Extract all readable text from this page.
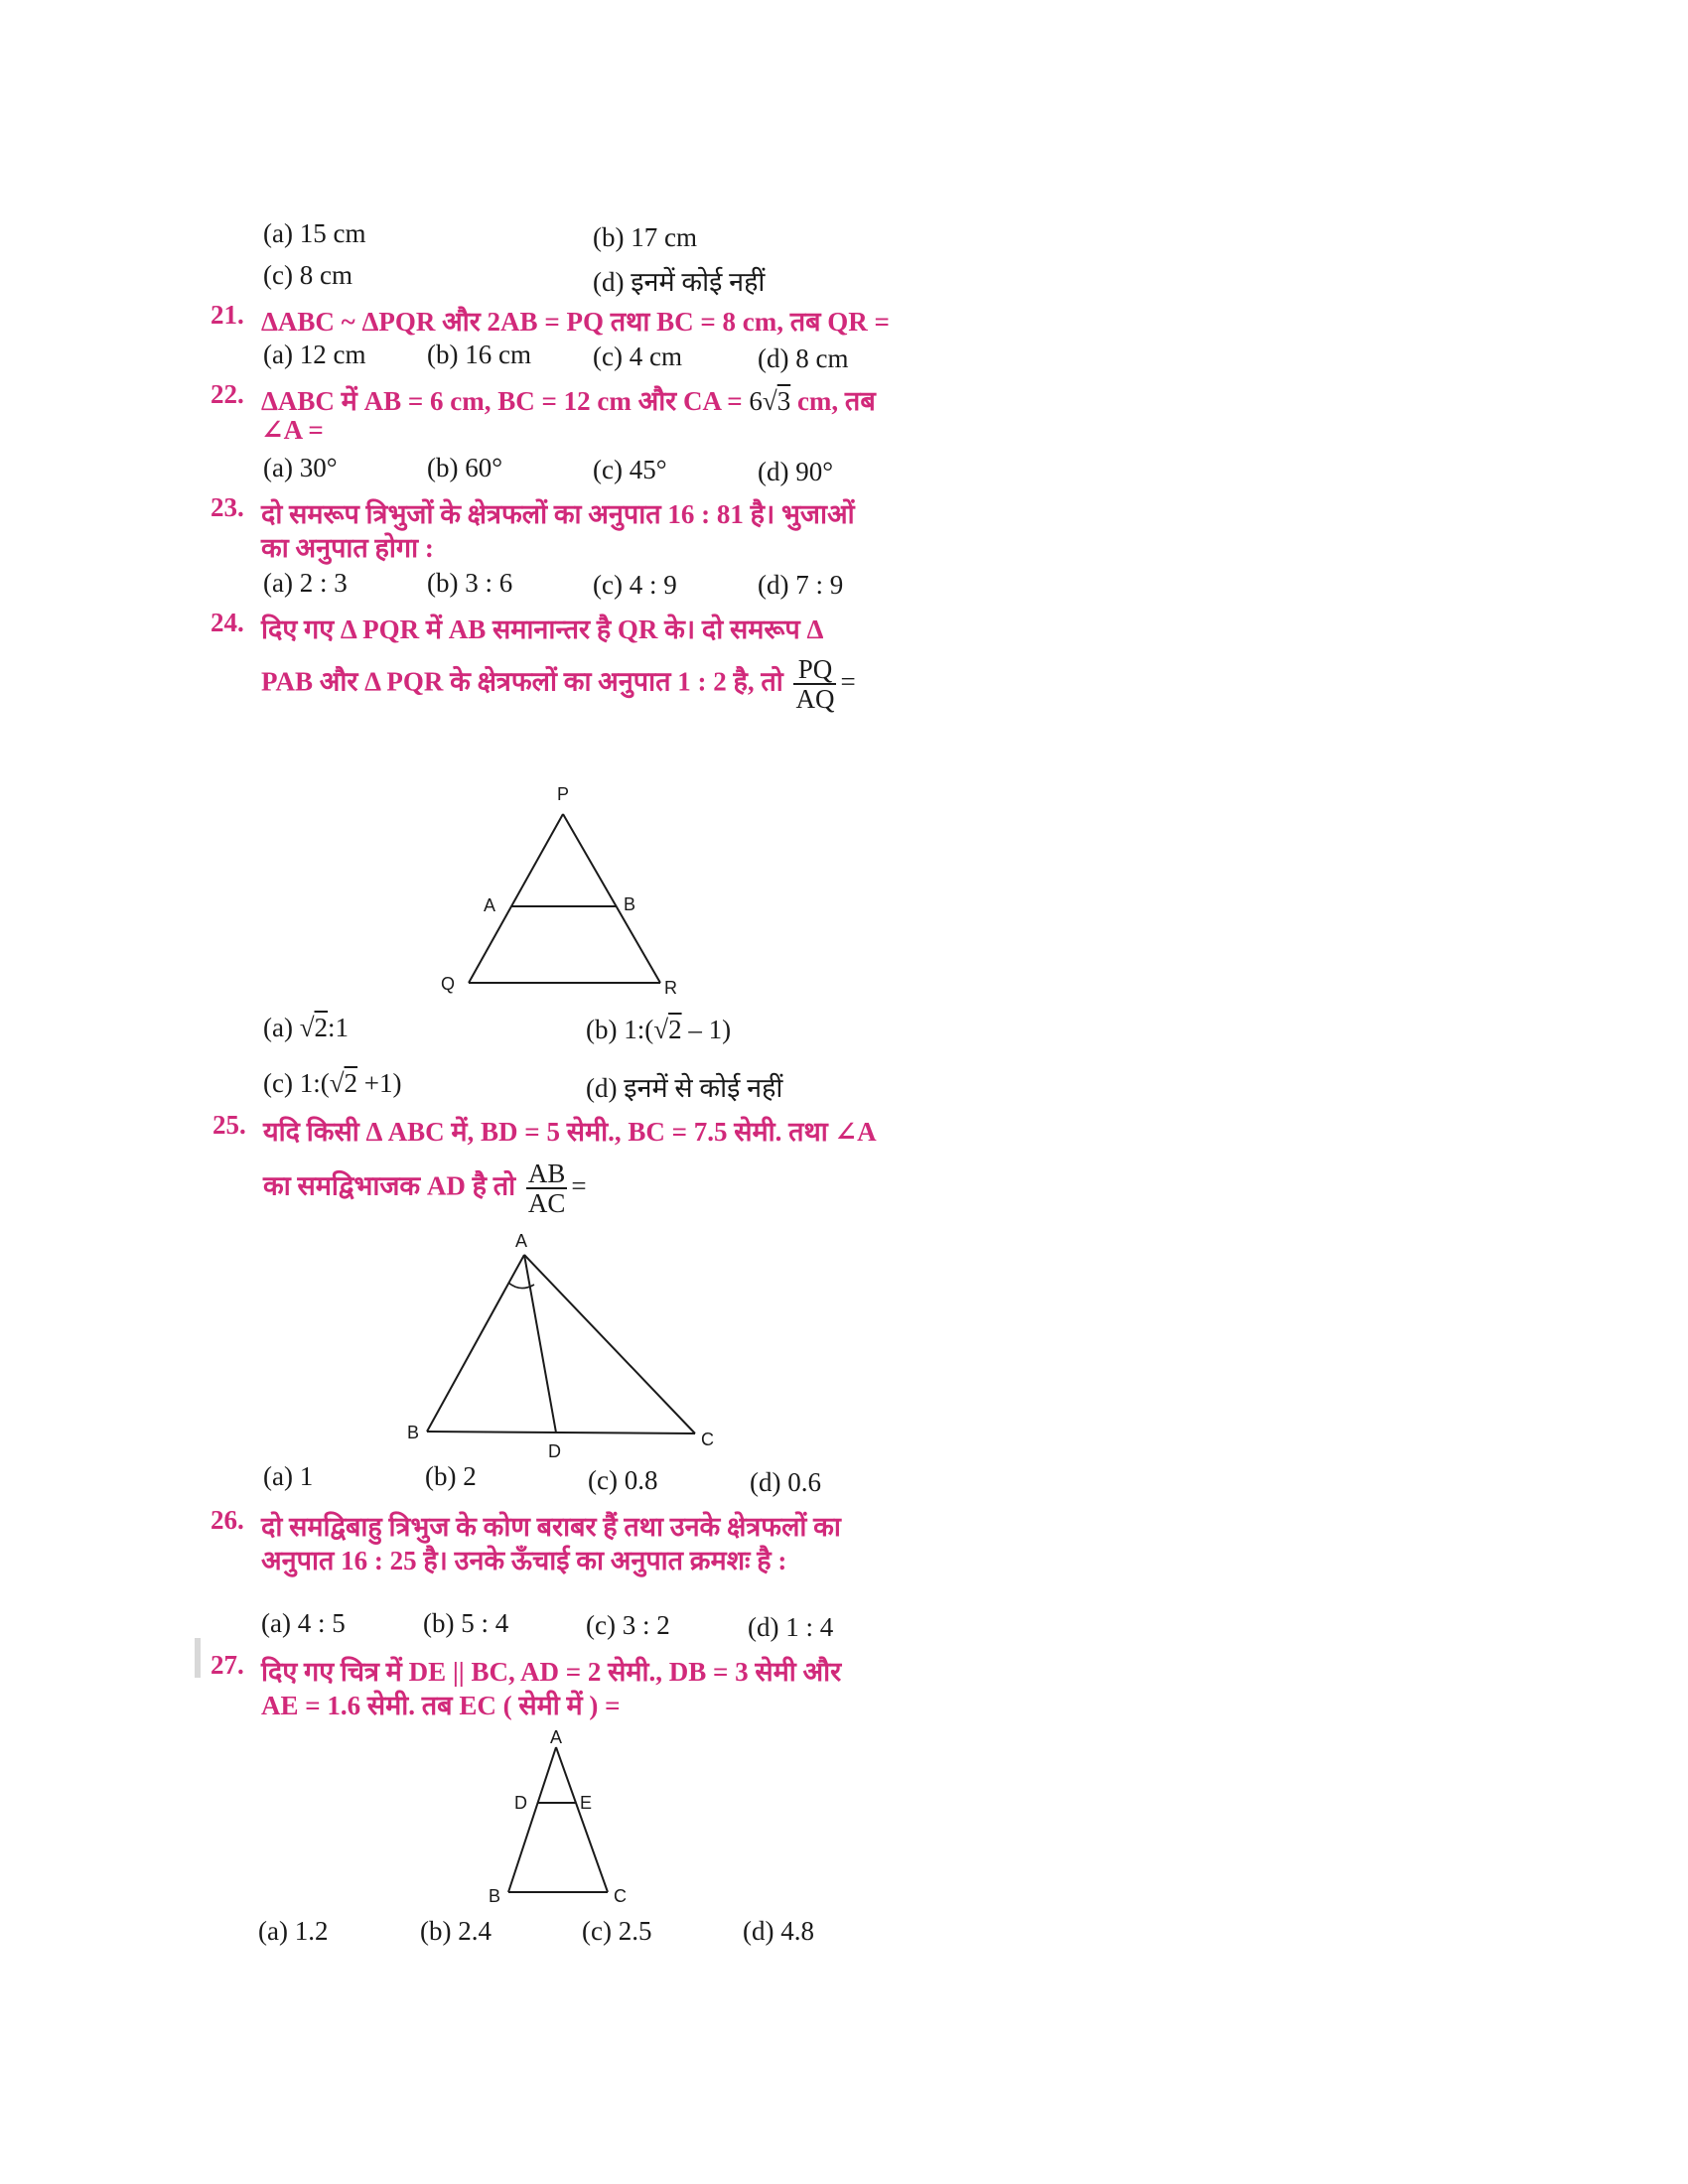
(a) 15 cm	(b) 17 cm
(c) 8 cm	(d) इनमें कोई नहीं
21. ΔABC ~ ΔPQR और 2AB = PQ तथा BC = 8 cm, तब QR =
(a) 12 cm (b) 16 cm (c) 4 cm	(d) 8 cm
22. ΔABC में AB = 6 cm, BC = 12 cm और CA = 6√3 cm, तब
∠A =
(a) 30°	(b) 60°	(c) 45°	(d) 90°
23. दो समरूप त्रिभुजों के क्षेत्रफलों का अनुपात 16 : 81 है। भुजाओं
का अनुपात होगा :
(a) 2 : 3	(b) 3 : 6	(c) 4 : 9	(d) 7 : 9
24. दिए गए Δ PQR में AB समानान्तर है QR के। दो समरूप Δ
PAB और Δ PQR के क्षेत्रफलों का अनुपात 1 : 2 है, तो $\frac{PQ}{AQ}$ =
P
A	B
Q	R
(a) √2:1	(b) 1:(√2 – 1)
(c) 1:(√2 +1)	(d) इनमें से कोई नहीं
25. यदि किसी Δ ABC में, BD = 5 सेमी., BC = 7.5 सेमी. तथा ∠A
का समद्विभाजक AD है तो $\frac{AB}{AC}$ =
A
B
D
C
(a) 1	(b) 2	(c) 0.8	(d) 0.6
26. दो समद्विबाहु त्रिभुज के कोण बराबर हैं तथा उनके क्षेत्रफलों का
अनुपात 16 : 25 है। उनके ऊँचाई का अनुपात क्रमशः है :
(a) 4 : 5	(b) 5 : 4	(c) 3 : 2	(d) 1 : 4
27. दिए गए चित्र में DE || BC, AD = 2 सेमी., DB = 3 सेमी और
AE = 1.6 सेमी. तब EC ( सेमी में ) =
A
D	E
B	C
(a) 1.2	(b) 2.4	(c) 2.5	(d) 4.8
